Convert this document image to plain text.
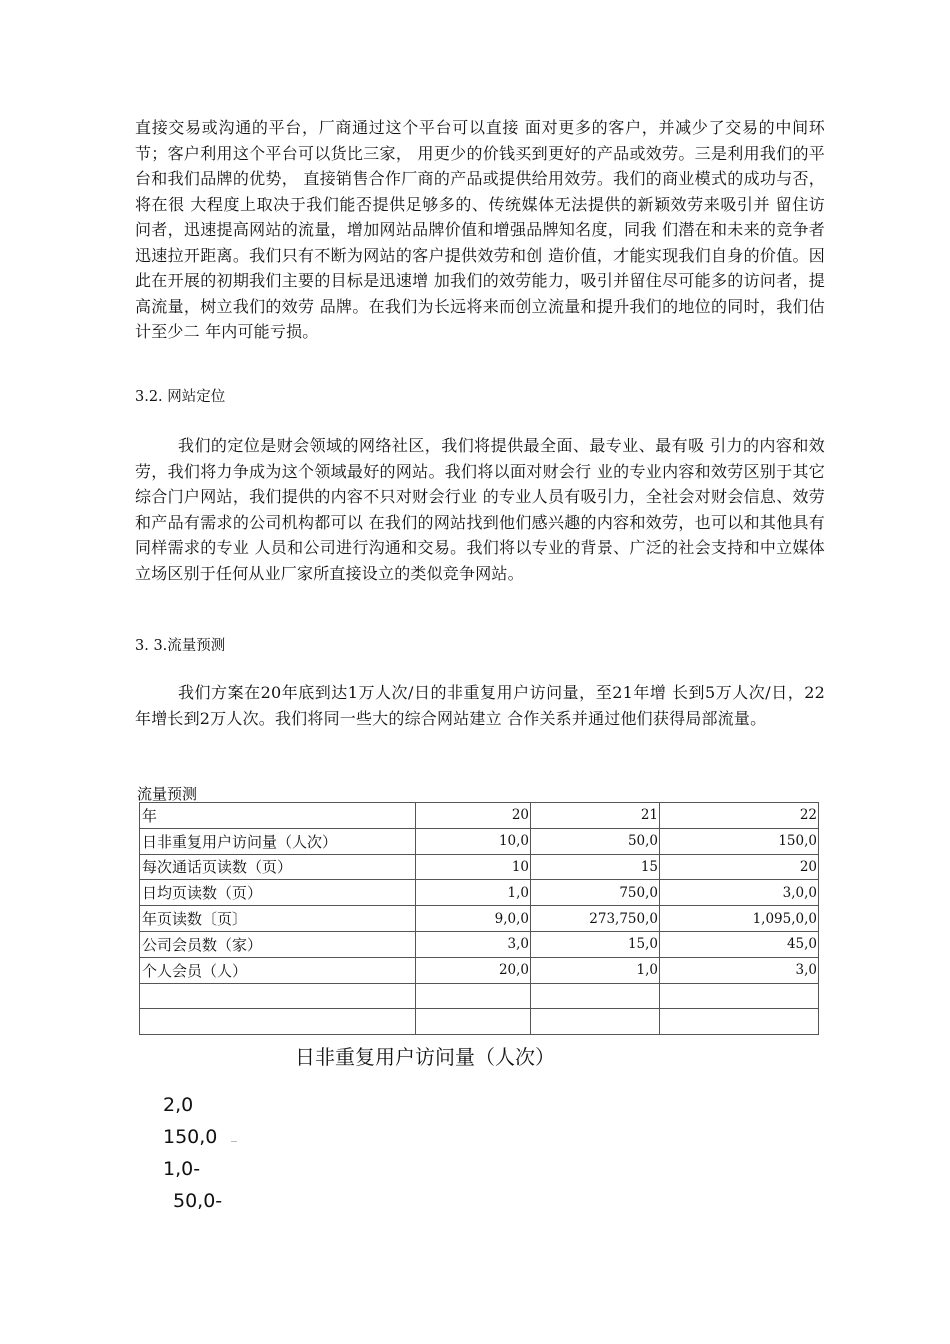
直接交易或沟通的平台，厂商通过这个平台可以直接 面对更多的客户，并减少了交易的中间环节；客户利用这个平台可以货比三家， 用更少的价钱买到更好的产品或效劳。三是利用我们的平台和我们品牌的优势， 直接销售合作厂商的产品或提供给用效劳。我们的商业模式的成功与否，将在很 大程度上取决于我们能否提供足够多的、传统媒体无法提供的新颖效劳来吸引并 留住访问者，迅速提高网站的流量，增加网站品牌价值和增强品牌知名度，同我 们潜在和未来的竞争者迅速拉开距离。我们只有不断为网站的客户提供效劳和创 造价值，才能实现我们自身的价值。因此在开展的初期我们主要的目标是迅速增 加我们的效劳能力，吸引并留住尽可能多的访问者，提高流量，树立我们的效劳 品牌。在我们为长远将来而创立流量和提升我们的地位的同时，我们估计至少二 年内可能亏损。

3.2. 网站定位

我们的定位是财会领域的网络社区，我们将提供最全面、最专业、最有吸 引力的内容和效劳，我们将力争成为这个领域最好的网站。我们将以面对财会行 业的专业内容和效劳区别于其它综合门户网站，我们提供的内容不只对财会行业 的专业人员有吸引力，全社会对财会信息、效劳和产品有需求的公司机构都可以 在我们的网站找到他们感兴趣的内容和效劳，也可以和其他具有同样需求的专业 人员和公司进行沟通和交易。我们将以专业的背景、广泛的社会支持和中立媒体 立场区别于任何从业厂家所直接设立的类似竞争网站。

3. 3.流量预测

我们方案在20年底到达1万人次/日的非重复用户访问量，至21年增 长到5万人次/日，22年增长到2万人次。我们将同一些大的综合网站建立 合作关系并通过他们获得局部流量。

流量预测

年	20	21	22
日非重复用户访问量（人次）	10,0	50,0	150,0
每次通话页读数（页）	10	15	20
日均页读数（页）	1,0	750,0	3,0,0
年页读数〔页〕	9,0,0	273,750,0	1,095,0,0
公司会员数（家）	3,0	15,0	45,0
个人会员（人）	20,0	1,0	3,0

日非重复用户访问量（人次）

2,0

150,0

1,0-

50,0-
